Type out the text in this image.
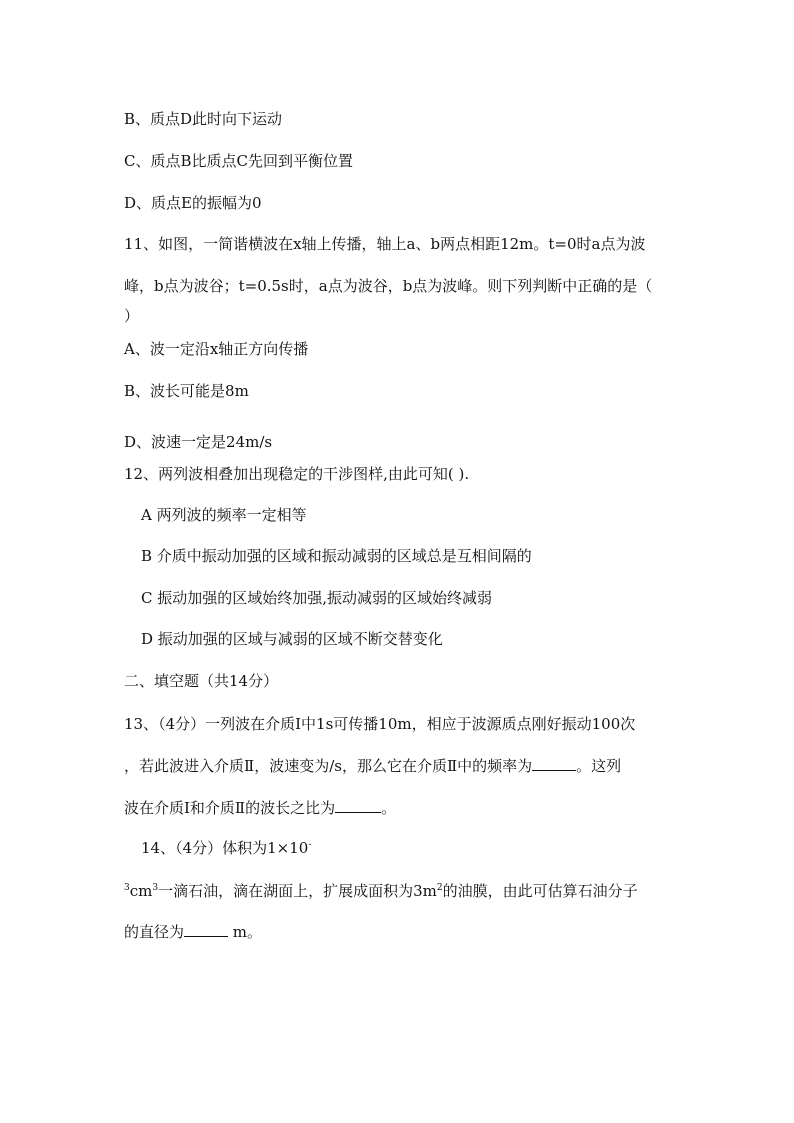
B、质点D此时向下运动
C、质点B比质点C先回到平衡位置
D、质点E的振幅为0
11、如图，一简谐横波在x轴上传播，轴上a、b两点相距12m。t=0时a点为波
峰，b点为波谷；t=0.5s时，a点为波谷，b点为波峰。则下列判断中正确的是（
）
A、波一定沿x轴正方向传播
B、波长可能是8m
D、波速一定是24m/s
12、两列波相叠加出现稳定的干涉图样,由此可知( ).
A 两列波的频率一定相等
B 介质中振动加强的区域和振动减弱的区域总是互相间隔的
C 振动加强的区域始终加强,振动减弱的区域始终减弱
D 振动加强的区域与减弱的区域不断交替变化
二、填空题（共14分）
13、（4分）一列波在介质Ⅰ中1s可传播10m，相应于波源质点刚好振动100次
，若此波进入介质Ⅱ，波速变为/s，那么它在介质Ⅱ中的频率为	。这列
波在介质Ⅰ和介质Ⅱ的波长之比为	。
14、（4分）体积为1×10-
$^3cm^3$一滴石油，滴在湖面上，扩展成面积为$3m^2$的油膜，由此可估算石油分子
的直径为	m。
